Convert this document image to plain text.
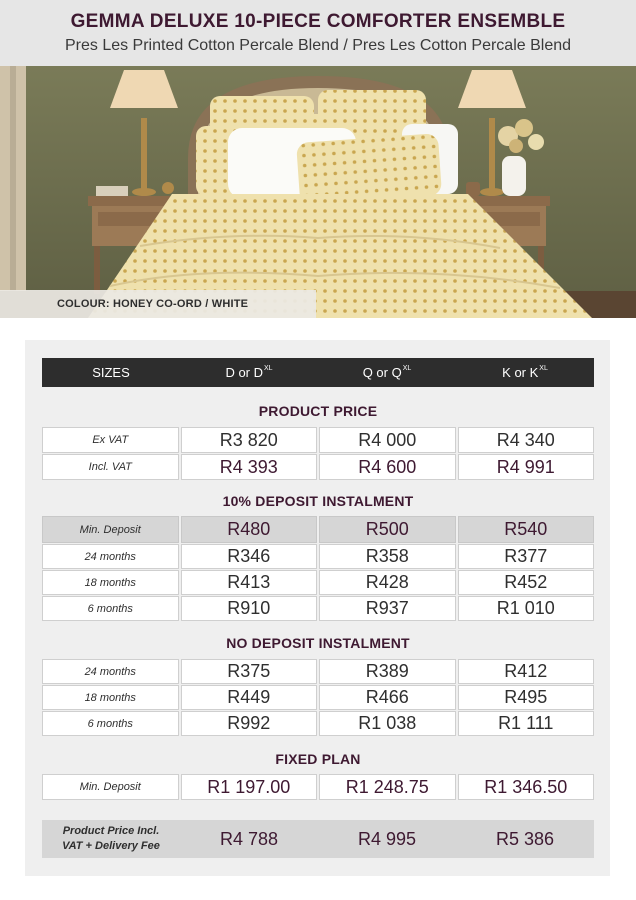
GEMMA DELUXE 10-PIECE COMFORTER ENSEMBLE
Pres Les Printed Cotton Percale Blend / Pres Les Cotton Percale Blend
COLOUR: HONEY CO-ORD / WHITE
SIZES	D or $D^{XL}$	Q or $Q^{XL}$	K or $K^{XL}$
PRODUCT PRICE
Ex VAT	R3 820	R4 000	R4 340
Incl. VAT	R4 393	R4 600	R4 991
10% DEPOSIT INSTALMENT
Min. Deposit	R480	R500	R540
24 months	R346	R358	R377
18 months	R413	R428	R452
6 months	R910	R937	R1 010
NO DEPOSIT INSTALMENT
24 months	R375	R389	R412
18 months	R449	R466	R495
6 months	R992	R1 038	R1 111
FIXED PLAN
Min. Deposit	R1 197.00	R1 248.75	R1 346.50
Product Price Incl.
VAT + Delivery Fee	R4 788	R4 995	R5 386
